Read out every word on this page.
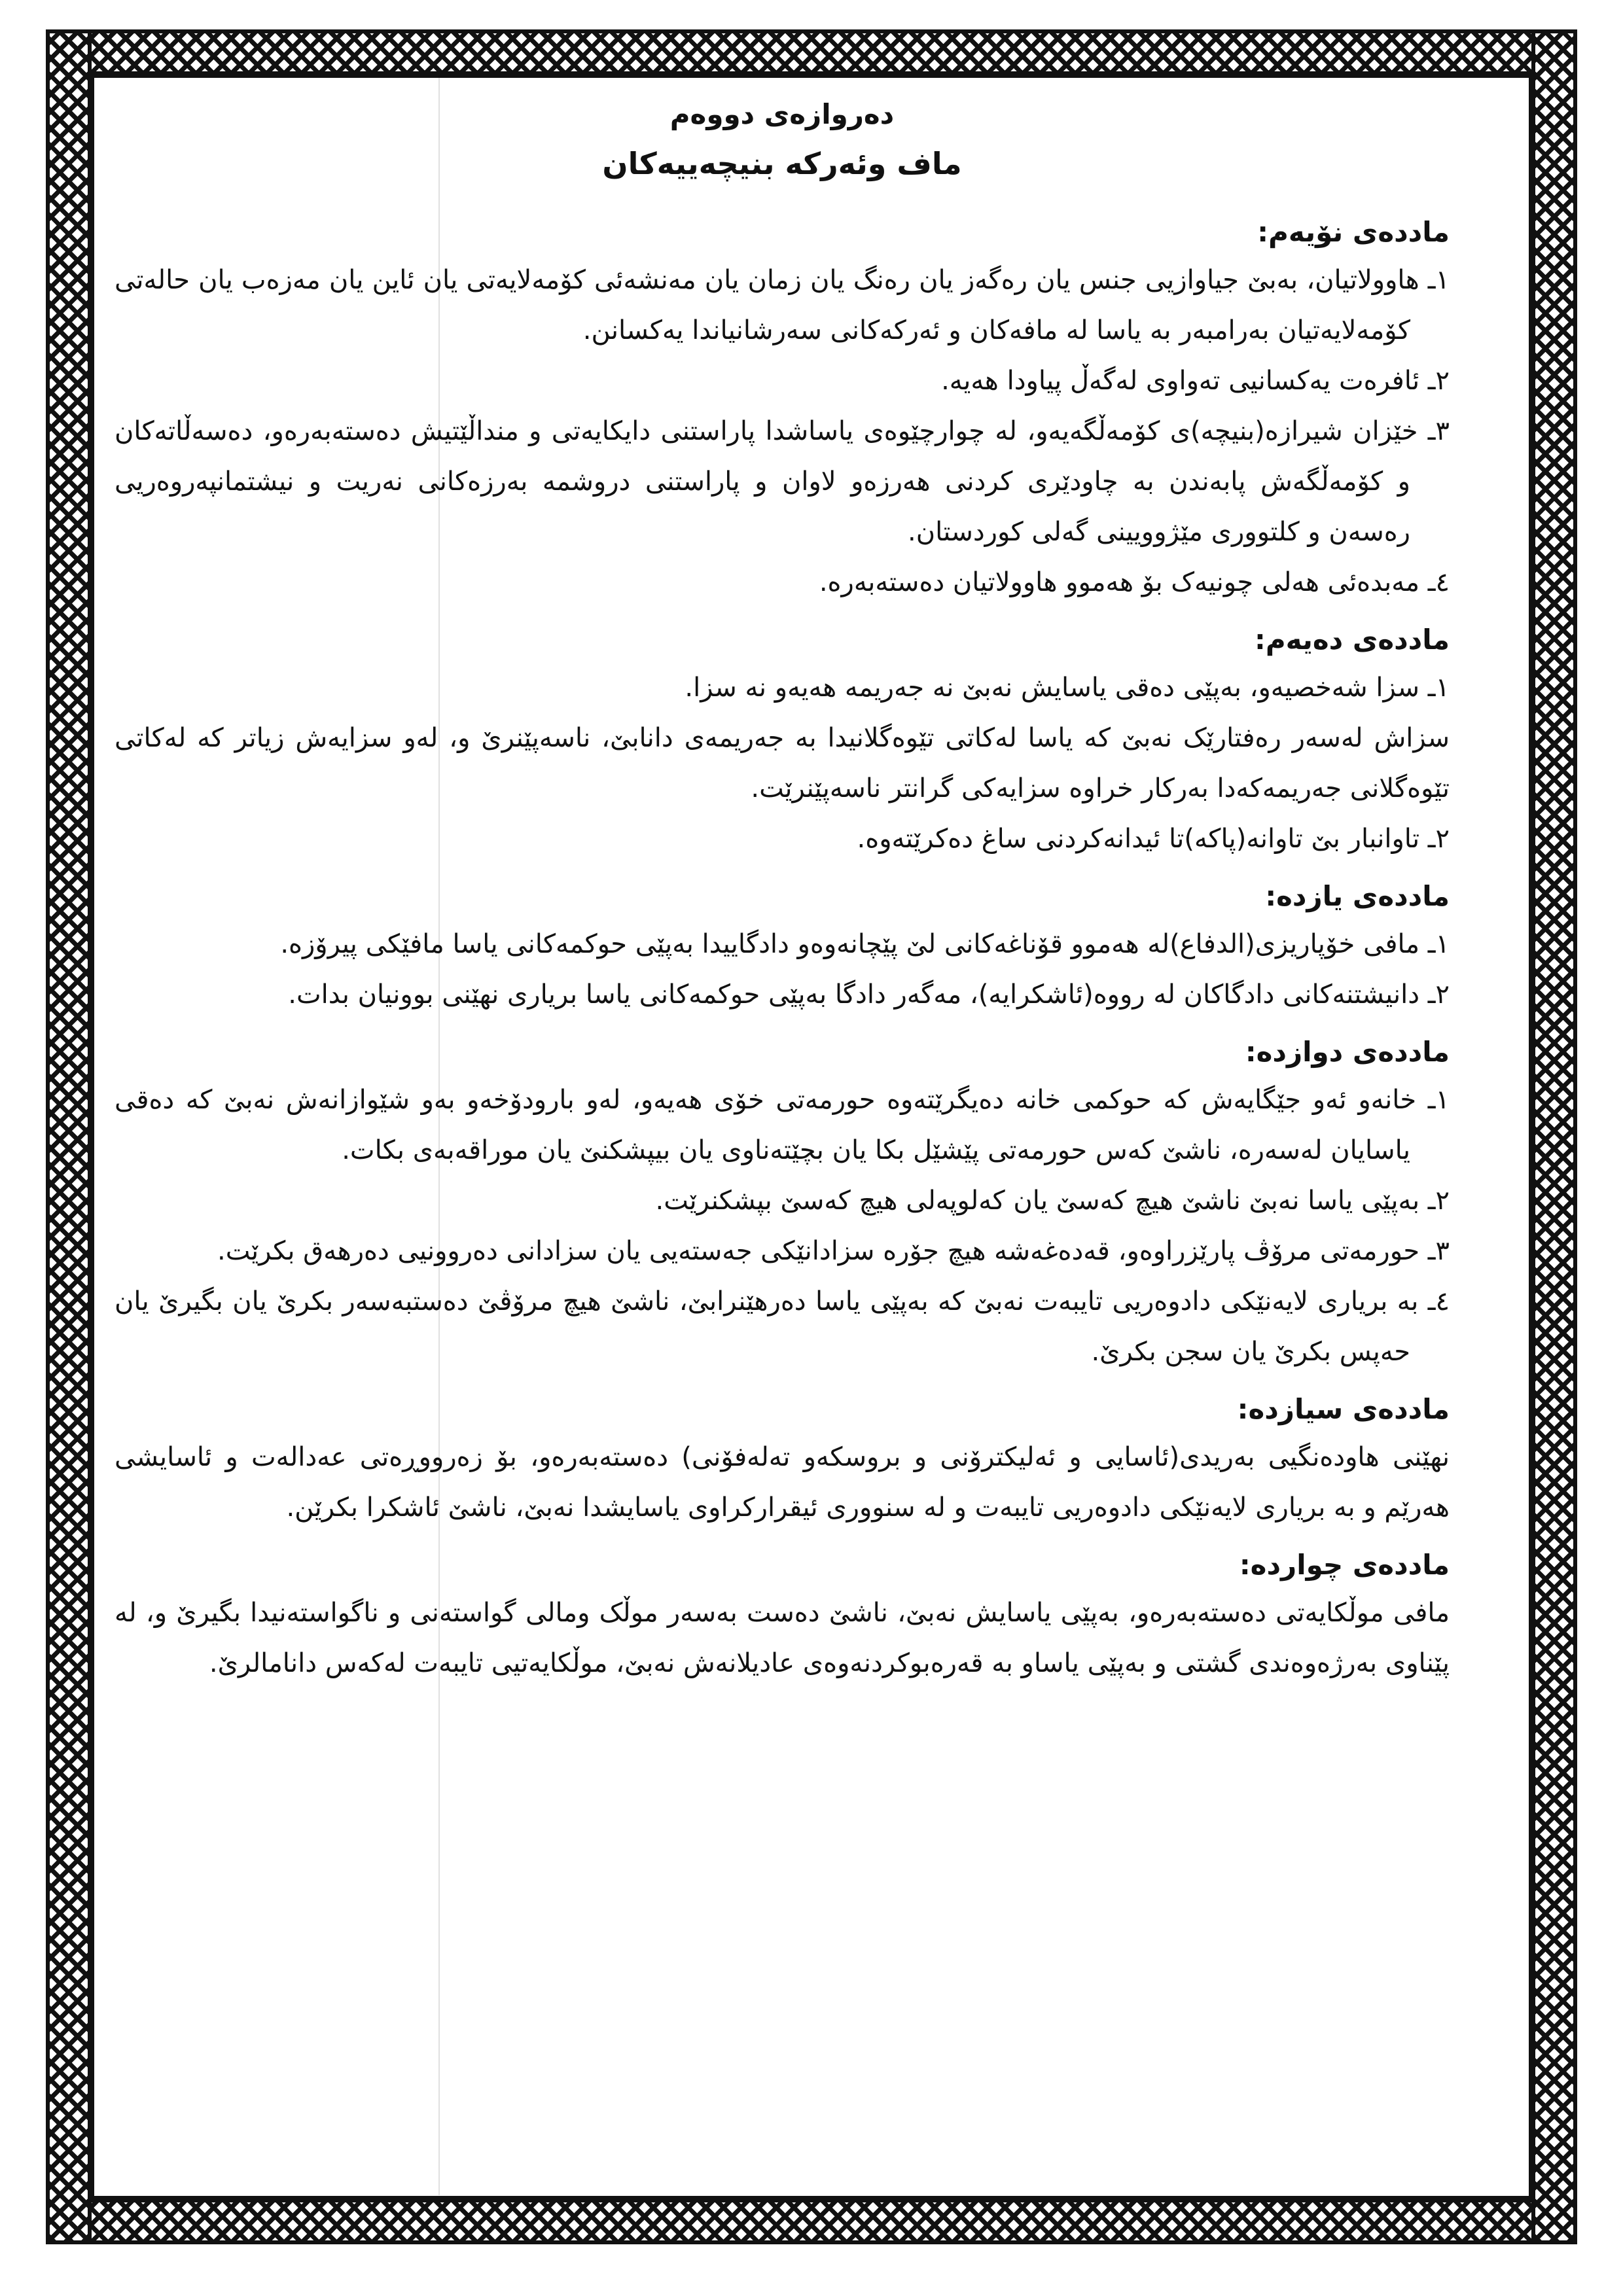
دەروازەی دووەم
ماف وئەرکە بنیچەییەکان
ماددەی نۆیەم:

١ـ هاوولاتیان، بەبێ جیاوازیی جنس یان رەگەز یان رەنگ یان زمان یان مەنشەئی کۆمەلایەتی یان ئاین یان مەزەب یان حالەتی کۆمەلایەتیان بەرامبەر بە یاسا لە مافەکان و ئەرکەکانی سەرشانیاندا یەکسانن.

٢ـ ئافرەت یەکسانیی تەواوی لەگەڵ پیاودا هەیە.

٣ـ خێزان شیرازە(بنیچە)ی کۆمەڵگەیەو، لە چوارچێوەی یاساشدا پاراستنی دایکایەتی و منداڵێتیش دەستەبەرەو، دەسەڵاتەکان و کۆمەڵگەش پابەندن بە چاودێری کردنی هەرزەو لاوان و پاراستنی دروشمە بەرزەکانی نەریت و نیشتمانپەروەریی رەسەن و کلتووری مێژوویینی گەلی کوردستان.

٤ـ مەبدەئی هەلی چونیەک بۆ هەموو هاوولاتیان دەستەبەرە.

ماددەی دەیەم:

١ـ سزا شەخصیەو، بەپێی دەقی یاسایش نەبێ نە جەریمە هەیەو نە سزا.

سزاش لەسەر رەفتارێک نەبێ کە یاسا لەکاتی تێوەگلانیدا بە جەریمەی دانابێ، ناسەپێنرێ و، لەو سزایەش زیاتر کە لەکاتی تێوەگلانی جەریمەکەدا بەرکار خراوە سزایەکی گرانتر ناسەپێنرێت.

٢ـ تاوانبار بێ تاوانە(پاکە)تا ئیدانەکردنی ساغ دەکرێتەوە.

ماددەی یازدە:

١ـ مافی خۆپاریزی(الدفاع)لە هەموو قۆناغەکانی لێ پێچانەوەو دادگاییدا بەپێی حوکمەکانی یاسا مافێکی پیرۆزە.

٢ـ دانیشتنەکانی دادگاکان لە رووە(ئاشکرایە)، مەگەر دادگا بەپێی حوکمەکانی یاسا بریاری نهێنی بوونیان بدات.

ماددەی دوازدە:

١ـ خانەو ئەو جێگایەش کە حوکمی خانە دەیگرێتەوە حورمەتی خۆی هەیەو، لەو بارودۆخەو بەو شێوازانەش نەبێ کە دەقی یاسایان لەسەرە، ناشێ کەس حورمەتی پێشێل بکا یان بچێتەناوی یان بیپشکنێ یان موراقەبەی بکات.

٢ـ بەپێی یاسا نەبێ ناشێ هیچ کەسێ یان کەلوپەلی هیچ کەسێ بپشکنرێت.

٣ـ حورمەتی مرۆڤ پارێزراوەو، قەدەغەشە هیچ جۆرە سزادانێکی جەستەیی یان سزادانی دەروونیی دەرهەق بکرێت.

٤ـ بە بریاری لایەنێکی دادوەریی تایبەت نەبێ کە بەپێی یاسا دەرهێنرابێ، ناشێ هیچ مرۆڤێ دەستبەسەر بکرێ یان بگیرێ یان حەپس بکرێ یان سجن بکرێ.

ماددەی سیازدە:

نهێنی هاودەنگیی بەریدی(ئاسایی و ئەلیکترۆنی و بروسکەو تەلەفۆنی) دەستەبەرەو، بۆ زەرووڕەتی عەدالەت و ئاسایشی هەرێم و بە بریاری لایەنێکی دادوەریی تایبەت و لە سنووری ئیقرارکراوی یاسایشدا نەبێ، ناشێ ئاشکرا بکرێن.

ماددەی چواردە:

مافی موڵکایەتی دەستەبەرەو، بەپێی یاسایش نەبێ، ناشێ دەست بەسەر موڵک ومالی گواستەنی و ناگواستەنیدا بگیرێ و، لە پێناوی بەرژەوەندی گشتی و بەپێی یاساو بە قەرەبوکردنەوەی عادیلانەش نەبێ، موڵکایەتیی تایبەت لەکەس دانامالرێ.
